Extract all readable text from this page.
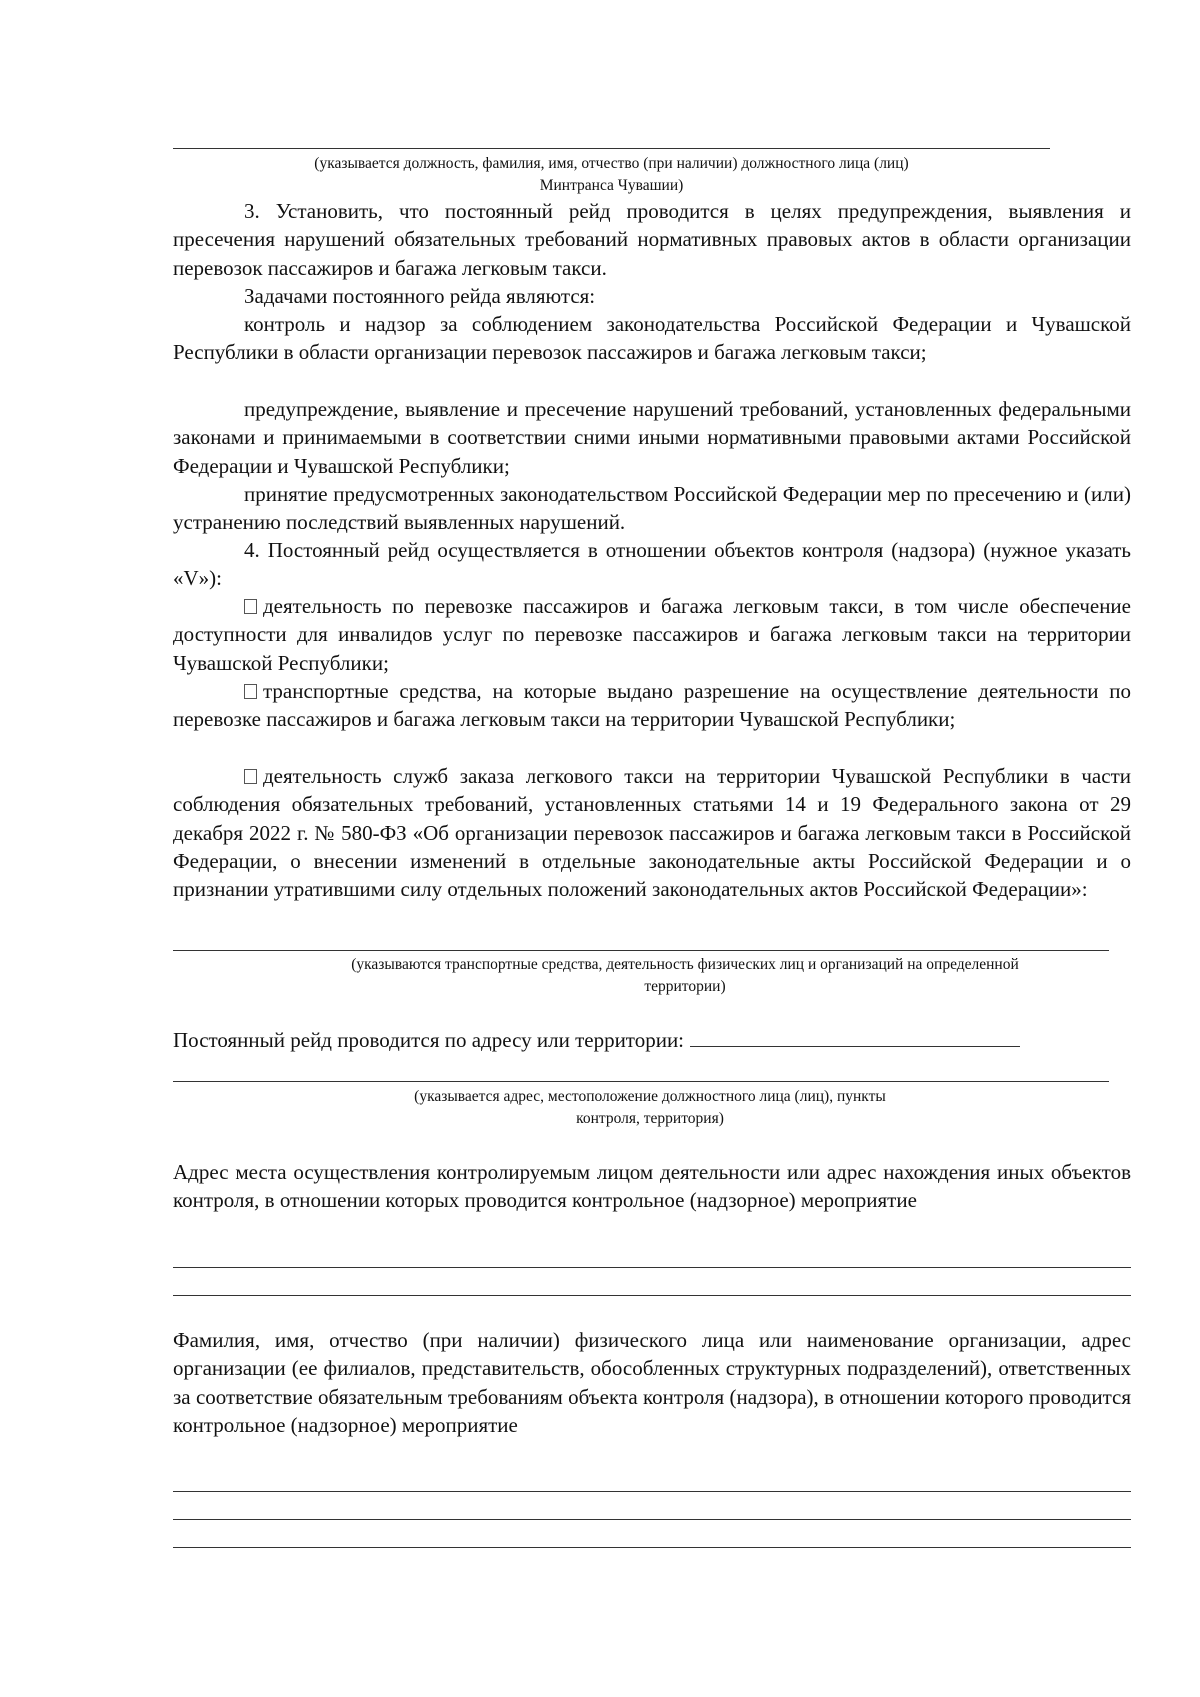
(указывается должность, фамилия, имя, отчество (при наличии) должностного лица (лиц)
Минтранса Чувашии)

3. Установить, что постоянный рейд проводится в целях предупреждения, выявления и пресечения нарушений обязательных требований нормативных правовых актов в области организации перевозок пассажиров и багажа легковым такси.

Задачами постоянного рейда являются:

контроль и надзор за соблюдением законодательства Российской Федерации и Чувашской Республики в области организации перевозок пассажиров и багажа легковым такси;

предупреждение, выявление и пресечение нарушений требований, установленных федеральными законами и принимаемыми в соответствии сними иными нормативными правовыми актами Российской Федерации и Чувашской Республики;

принятие предусмотренных законодательством Российской Федерации мер по пресечению и (или) устранению последствий выявленных нарушений.

4. Постоянный рейд осуществляется в отношении объектов контроля (надзора) (нужное указать «V»):

деятельность по перевозке пассажиров и багажа легковым такси, в том числе обеспечение доступности для инвалидов услуг по перевозке пассажиров и багажа легковым такси на территории Чувашской Республики;

транспортные средства, на которые выдано разрешение на осуществление деятельности по перевозке пассажиров и багажа легковым такси на территории Чувашской Республики;

деятельность служб заказа легкового такси на территории Чувашской Республики в части соблюдения обязательных требований, установленных статьями 14 и 19 Федерального закона от 29 декабря 2022 г. № 580-ФЗ «Об организации перевозок пассажиров и багажа легковым такси в Российской Федерации, о внесении изменений в отдельные законодательные акты Российской Федерации и о признании утратившими силу отдельных положений законодательных актов Российской Федерации»:

(указываются транспортные средства, деятельность физических лиц и организаций на определенной
территории)

Постоянный рейд проводится по адресу или территории:

(указывается адрес, местоположение должностного лица (лиц), пункты
контроля, территория)

Адрес места осуществления контролируемым лицом деятельности или адрес нахождения иных объектов контроля, в отношении которых проводится контрольное (надзорное) мероприятие

Фамилия, имя, отчество (при наличии) физического лица или наименование организации, адрес организации (ее филиалов, представительств, обособленных структурных подразделений), ответственных за соответствие обязательным требованиям объекта контроля (надзора), в отношении которого проводится контрольное (надзорное) мероприятие
